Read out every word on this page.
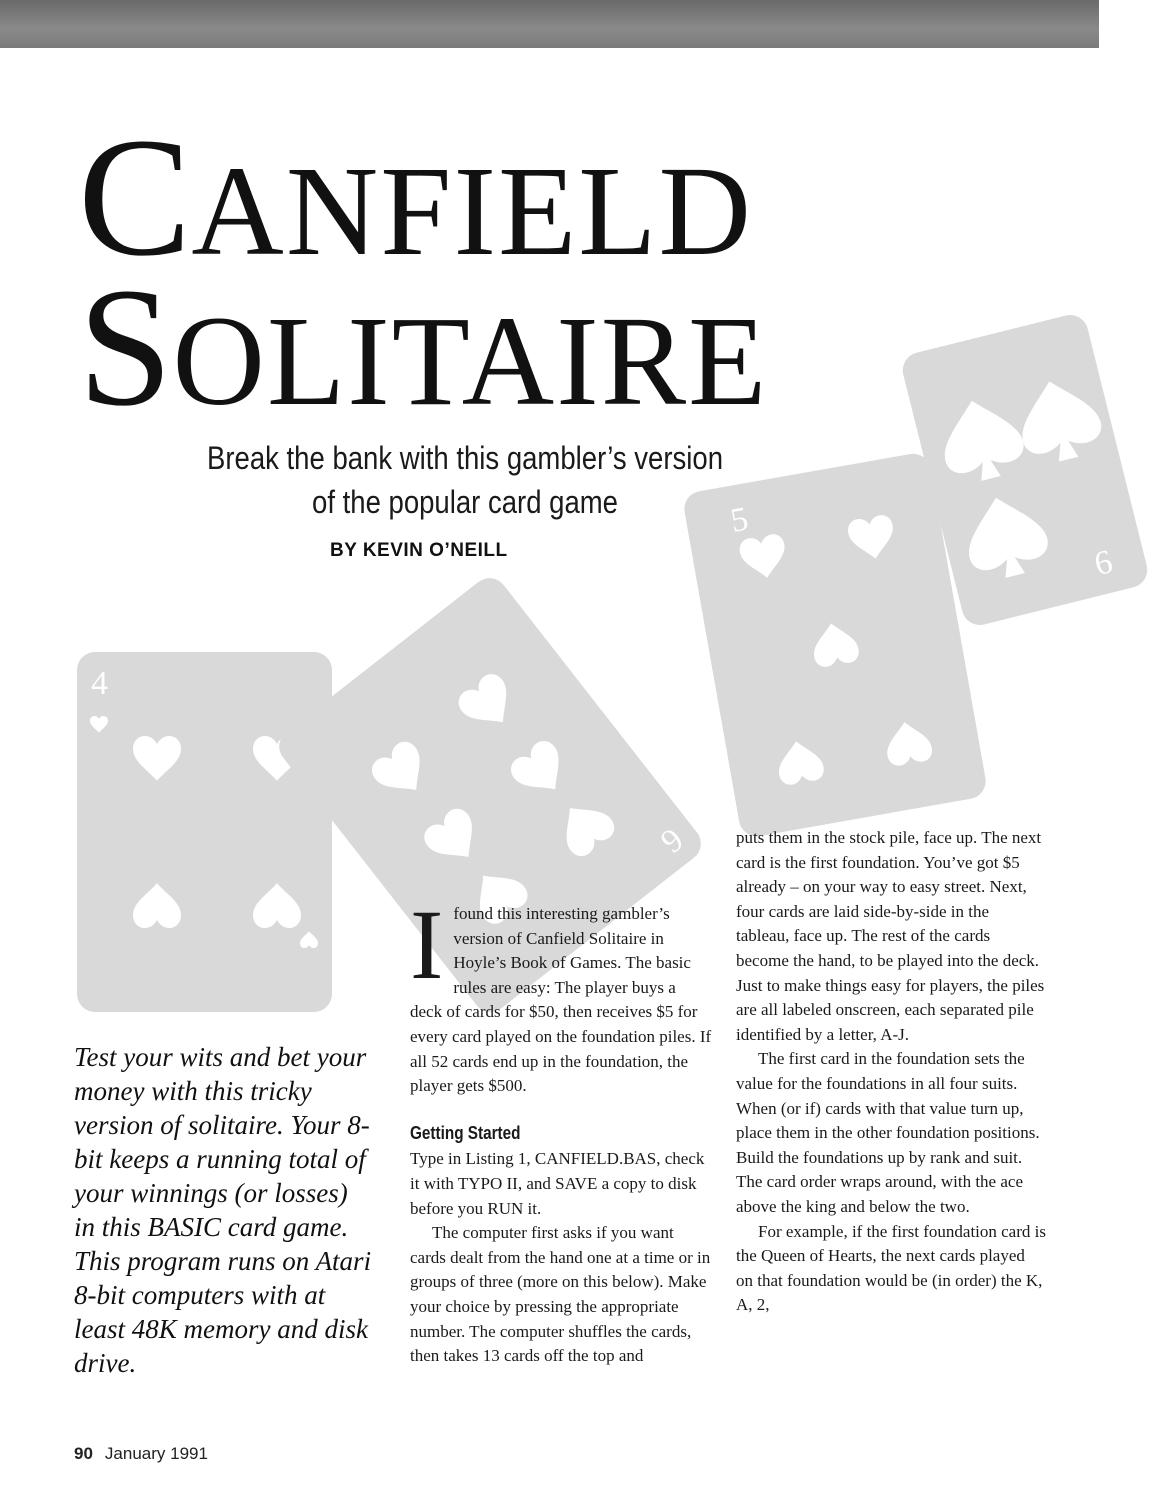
CANFIELD
SOLITAIRE
4
6
5
6
Break the bank with this gambler’s version
of the popular card game
BY KEVIN O’NEILL
Test your wits and bet your money with this tricky version of solitaire. Your 8-bit keeps a running total of your winnings (or losses) in this BASIC card game. This program runs on Atari 8-bit computers with at least 48K memory and disk drive.

Ifound this interesting gambler’s version of Canfield Solitaire in Hoyle’s Book of Games. The basic rules are easy: The player buys a deck of cards for $50, then receives $5 for every card played on the foundation piles. If all 52 cards end up in the foundation, the player gets $500.

Getting Started

Type in Listing 1, CANFIELD.BAS, check it with TYPO II, and SAVE a copy to disk before you RUN it.

The computer first asks if you want cards dealt from the hand one at a time or in groups of three (more on this below). Make your choice by pressing the appropriate number. The computer shuffles the cards, then takes 13 cards off the top and

puts them in the stock pile, face up. The next card is the first foundation. You’ve got $5 already – on your way to easy street. Next, four cards are laid side-by-side in the tableau, face up. The rest of the cards become the hand, to be played into the deck. Just to make things easy for players, the piles are all labeled onscreen, each separated pile identified by a letter, A-J.

The first card in the foundation sets the value for the foundations in all four suits. When (or if) cards with that value turn up, place them in the other foundation positions. Build the foundations up by rank and suit. The card order wraps around, with the ace above the king and below the two.

For example, if the first foundation card is the Queen of Hearts, the next cards played on that foundation would be (in order) the K, A, 2,

90 January 1991
